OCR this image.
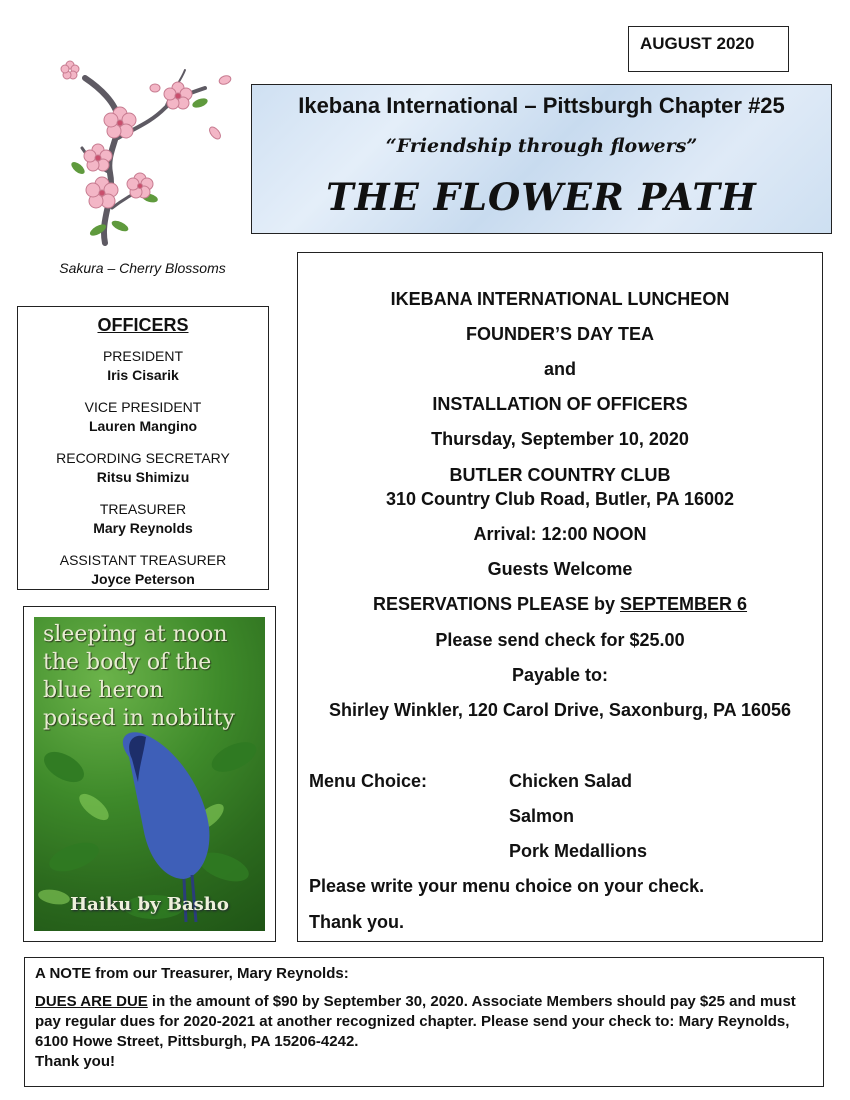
AUGUST 2020
Ikebana International – Pittsburgh Chapter #25
“Friendship through flowers”
THE FLOWER PATH
Sakura – Cherry Blossoms
OFFICERS
PRESIDENT
Iris Cisarik
VICE PRESIDENT
Lauren Mangino
RECORDING SECRETARY
Ritsu Shimizu
TREASURER
Mary Reynolds
ASSISTANT TREASURER
Joyce Peterson
sleeping at noon
the body of the
blue heron
poised in nobility
Haiku by Basho
IKEBANA INTERNATIONAL LUNCHEON
FOUNDER’S DAY TEA
and
INSTALLATION OF OFFICERS
Thursday, September 10, 2020
BUTLER COUNTRY CLUB
310 Country Club Road, Butler, PA 16002
Arrival: 12:00 NOON
Guests Welcome
RESERVATIONS PLEASE by SEPTEMBER 6
Please send check for $25.00
Payable to:
Shirley Winkler, 120 Carol Drive, Saxonburg, PA 16056
Menu Choice:	Chicken Salad
Salmon
Pork Medallions
Please write your menu choice on your check.
Thank you.
A NOTE from our Treasurer, Mary Reynolds:
DUES ARE DUE in the amount of $90 by September 30, 2020. Associate Members should pay $25 and must pay regular dues for 2020-2021 at another recognized chapter. Please send your check to: Mary Reynolds, 6100 Howe Street, Pittsburgh, PA 15206-4242.
Thank you!
